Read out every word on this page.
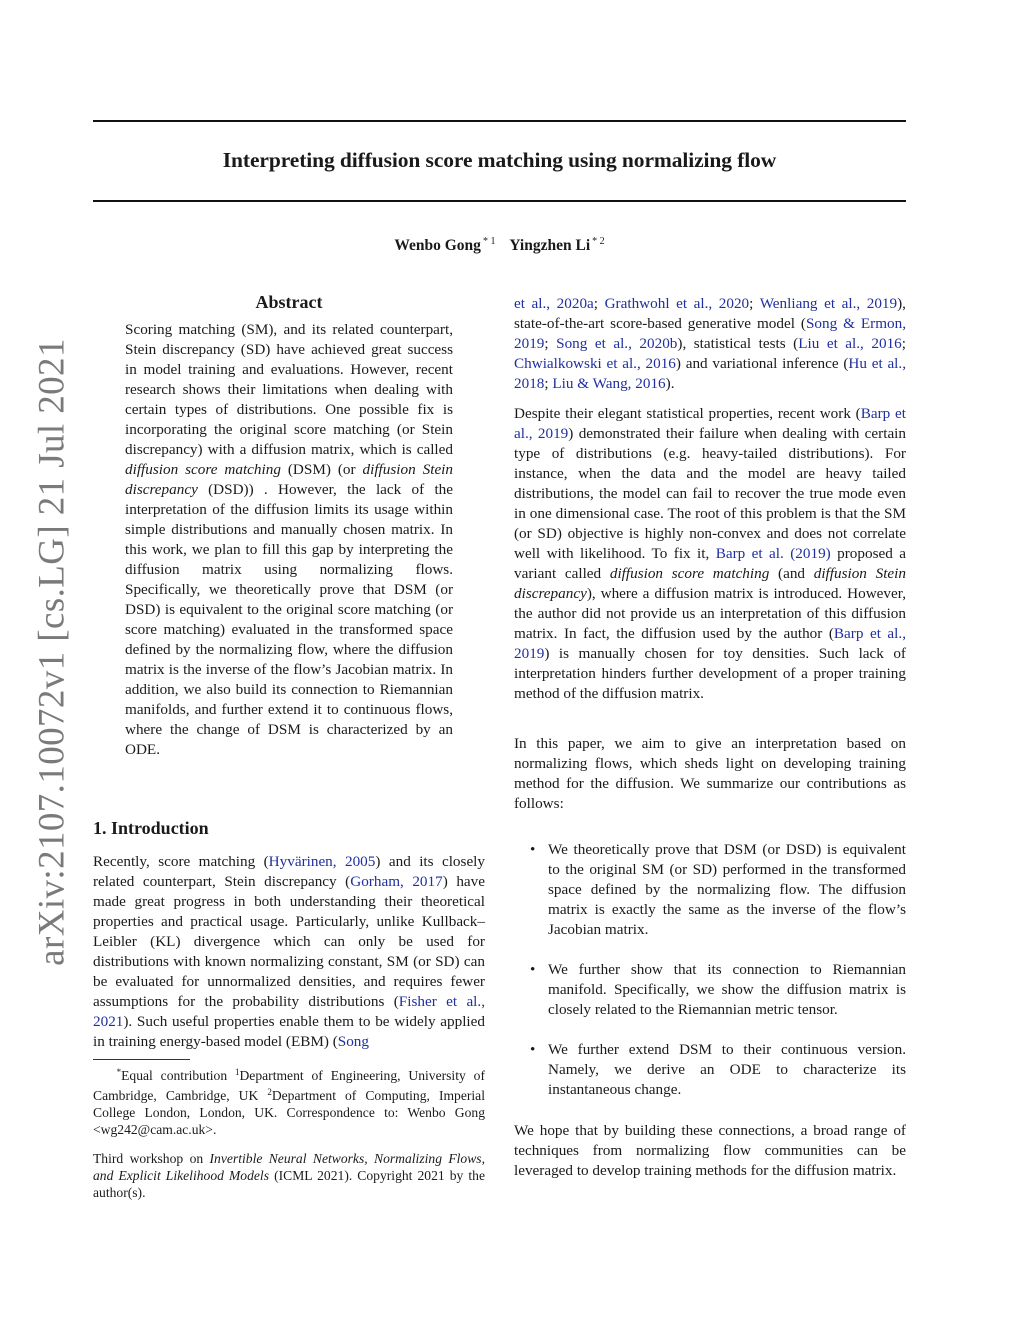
Interpreting diffusion score matching using normalizing flow
Wenbo Gong $^{* 1}$ Yingzhen Li $^{* 2}$
arXiv:2107.10072v1 [cs.LG] 21 Jul 2021
Abstract

Scoring matching (SM), and its related counterpart, Stein discrepancy (SD) have achieved great success in model training and evaluations. However, recent research shows their limitations when dealing with certain types of distributions. One possible fix is incorporating the original score matching (or Stein discrepancy) with a diffusion matrix, which is called diffusion score matching (DSM) (or diffusion Stein discrepancy (DSD)) . However, the lack of the interpretation of the diffusion limits its usage within simple distributions and manually chosen matrix. In this work, we plan to fill this gap by interpreting the diffusion matrix using normalizing flows. Specifically, we theoretically prove that DSM (or DSD) is equivalent to the original score matching (or score matching) evaluated in the transformed space defined by the normalizing flow, where the diffusion matrix is the inverse of the flow’s Jacobian matrix. In addition, we also build its connection to Riemannian manifolds, and further extend it to continuous flows, where the change of DSM is characterized by an ODE.

1. Introduction

Recently, score matching (Hyvärinen, 2005) and its closely related counterpart, Stein discrepancy (Gorham, 2017) have made great progress in both understanding their theoretical properties and practical usage. Particularly, unlike Kullback–Leibler (KL) divergence which can only be used for distributions with known normalizing constant, SM (or SD) can be evaluated for unnormalized densities, and requires fewer assumptions for the probability distributions (Fisher et al., 2021). Such useful properties enable them to be widely applied in training energy-based model (EBM) (Song

*Equal contribution $^1$Department of Engineering, University of Cambridge, Cambridge, UK $^2$Department of Computing, Imperial College London, London, UK. Correspondence to: Wenbo Gong <wg242@cam.ac.uk>.

Third workshop on Invertible Neural Networks, Normalizing Flows, and Explicit Likelihood Models (ICML 2021). Copyright 2021 by the author(s).

et al., 2020a; Grathwohl et al., 2020; Wenliang et al., 2019), state-of-the-art score-based generative model (Song & Ermon, 2019; Song et al., 2020b), statistical tests (Liu et al., 2016; Chwialkowski et al., 2016) and variational inference (Hu et al., 2018; Liu & Wang, 2016).

Despite their elegant statistical properties, recent work (Barp et al., 2019) demonstrated their failure when dealing with certain type of distributions (e.g. heavy-tailed distributions). For instance, when the data and the model are heavy tailed distributions, the model can fail to recover the true mode even in one dimensional case. The root of this problem is that the SM (or SD) objective is highly non-convex and does not correlate well with likelihood. To fix it, Barp et al. (2019) proposed a variant called diffusion score matching (and diffusion Stein discrepancy), where a diffusion matrix is introduced. However, the author did not provide us an interpretation of this diffusion matrix. In fact, the diffusion used by the author (Barp et al., 2019) is manually chosen for toy densities. Such lack of interpretation hinders further development of a proper training method of the diffusion matrix.

In this paper, we aim to give an interpretation based on normalizing flows, which sheds light on developing training method for the diffusion. We summarize our contributions as follows:

• We theoretically prove that DSM (or DSD) is equivalent to the original SM (or SD) performed in the transformed space defined by the normalizing flow. The diffusion matrix is exactly the same as the inverse of the flow’s Jacobian matrix.
• We further show that its connection to Riemannian manifold. Specifically, we show the diffusion matrix is closely related to the Riemannian metric tensor.
• We further extend DSM to their continuous version. Namely, we derive an ODE to characterize its instantaneous change.

We hope that by building these connections, a broad range of techniques from normalizing flow communities can be leveraged to develop training methods for the diffusion matrix.
